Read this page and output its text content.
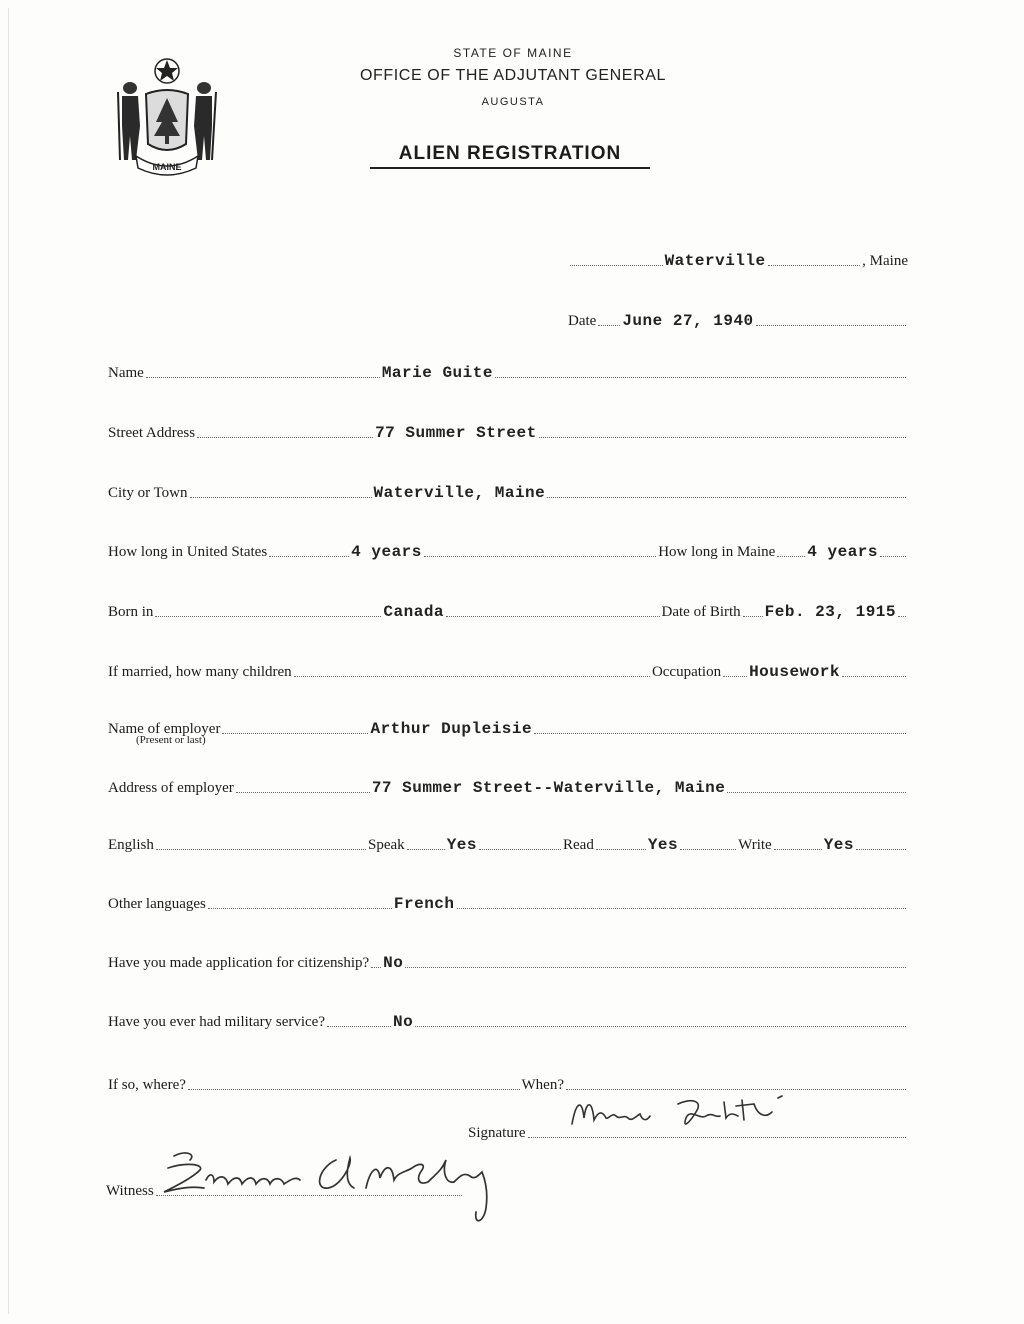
MAINE
STATE OF MAINE
OFFICE OF THE ADJUTANT GENERAL
AUGUSTA
ALIEN REGISTRATION
Waterville	, Maine
Date June 27, 1940
Name	Marie Guite
Street Address	77 Summer Street
City or Town	Waterville, Maine
How long in United States	4 years	How long in Maine 4 years
Born in	Canada	Date of Birth Feb. 23, 1915
If married, how many children	Occupation Housework
Name of employer	Arthur Dupleisie
(Present or last)
Address of employer	77 Summer Street--Waterville, Maine
English	Speak	Yes	Read	Yes	Write	Yes
Other languages	French
Have you made application for citizenship? No
Have you ever had military service?	No
If so, where?	When?
Signature
Witness
